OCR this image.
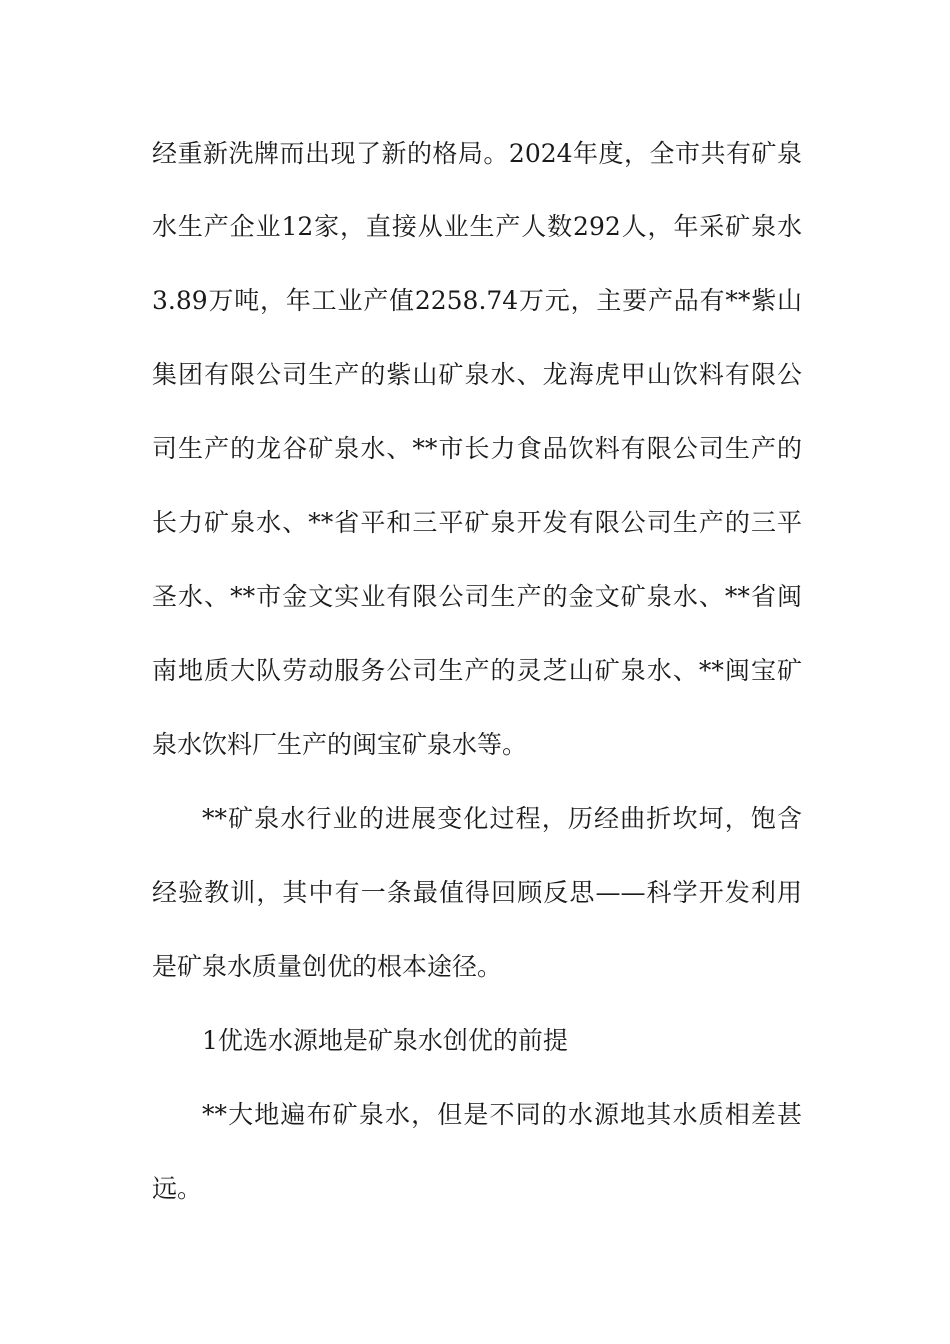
经重新洗牌而出现了新的格局。2024年度，全市共有矿泉
水生产企业12家，直接从业生产人数292人，年采矿泉水
3.89万吨，年工业产值2258.74万元，主要产品有**紫山
集团有限公司生产的紫山矿泉水、龙海虎甲山饮料有限公
司生产的龙谷矿泉水、**市长力食品饮料有限公司生产的
长力矿泉水、**省平和三平矿泉开发有限公司生产的三平
圣水、**市金文实业有限公司生产的金文矿泉水、**省闽
南地质大队劳动服务公司生产的灵芝山矿泉水、**闽宝矿
泉水饮料厂生产的闽宝矿泉水等。
**矿泉水行业的进展变化过程，历经曲折坎坷，饱含
经验教训，其中有一条最值得回顾反思——科学开发利用
是矿泉水质量创优的根本途径。
1优选水源地是矿泉水创优的前提
**大地遍布矿泉水，但是不同的水源地其水质相差甚
远。
